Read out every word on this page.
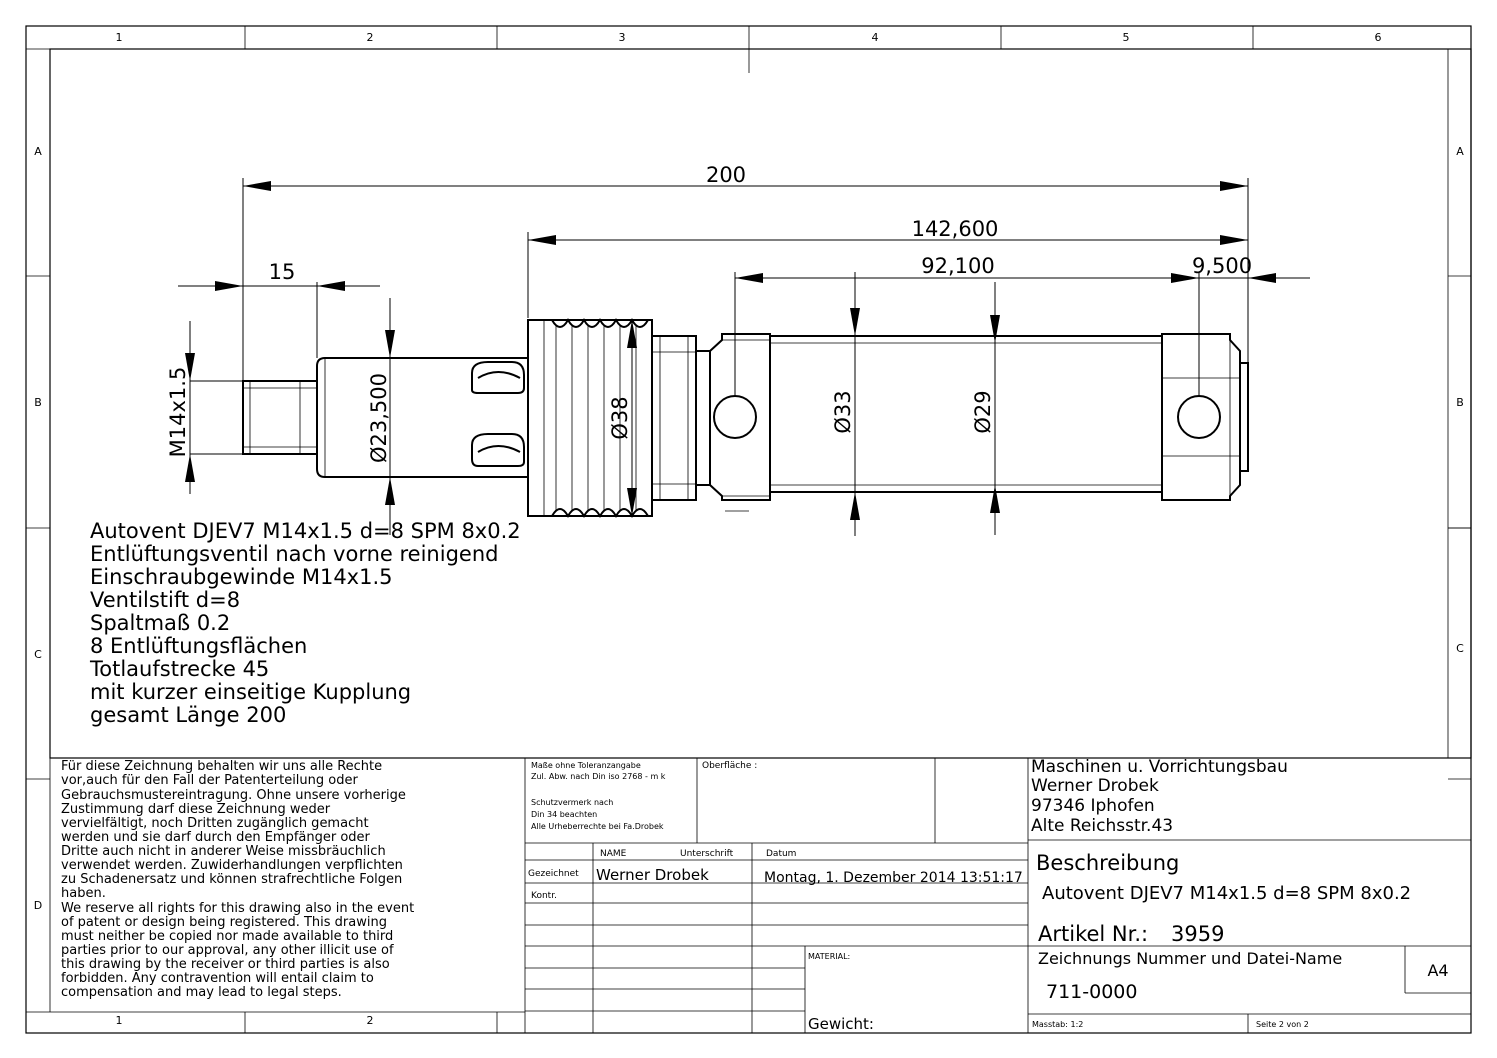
1	2	3	4	5	6
A
B
C
D
A
B
C
1	2
200
142,600
92,100	9,500
15
M14x1.5	Ø23,500	Ø38	Ø33	Ø29
Autovent DJEV7 M14x1.5 d=8 SPM 8x0.2
Entlüftungsventil nach vorne reinigend
Einschraubgewinde M14x1.5
Ventilstift d=8
Spaltmaß 0.2
8 Entlüftungsflächen
Totlaufstrecke 45
mit kurzer einseitige Kupplung
gesamt Länge 200
Für diese Zeichnung behalten wir uns alle Rechte
vor,auch für den Fall der Patenterteilung oder
Gebrauchsmustereintragung. Ohne unsere vorherige
Zustimmung darf diese Zeichnung weder
vervielfältigt, noch Dritten zugänglich gemacht
werden und sie darf durch den Empfänger oder
Dritte auch nicht in anderer Weise missbräuchlich
verwendet werden. Zuwiderhandlungen verpflichten
zu Schadenersatz und können strafrechtliche Folgen
haben.
We reserve all rights for this drawing also in the event
of patent or design being registered. This drawing
must neither be copied nor made available to third
parties prior to our approval, any other illicit use of
this drawing by the receiver or third parties is also
forbidden. Any contravention will entail claim to
compensation and may lead to legal steps.
Maße ohne Toleranzangabe
Zul. Abw. nach Din iso 2768 - m k
Schutzvermerk nach
Din 34 beachten
Alle Urheberrechte bei Fa.Drobek
Oberfläche :
NAME	Unterschrift	Datum
Gezeichnet Werner Drobek	Montag, 1. Dezember 2014 13:51:17
Kontr.
MATERIAL:
Gewicht:
Maschinen u. Vorrichtungsbau
Werner Drobek
97346 Iphofen
Alte Reichsstr.43
Beschreibung
Autovent DJEV7 M14x1.5 d=8 SPM 8x0.2
Artikel Nr.: 3959
Zeichnungs Nummer und Datei-Name
711-0000
A4
Masstab: 1:2	Seite 2 von 2
